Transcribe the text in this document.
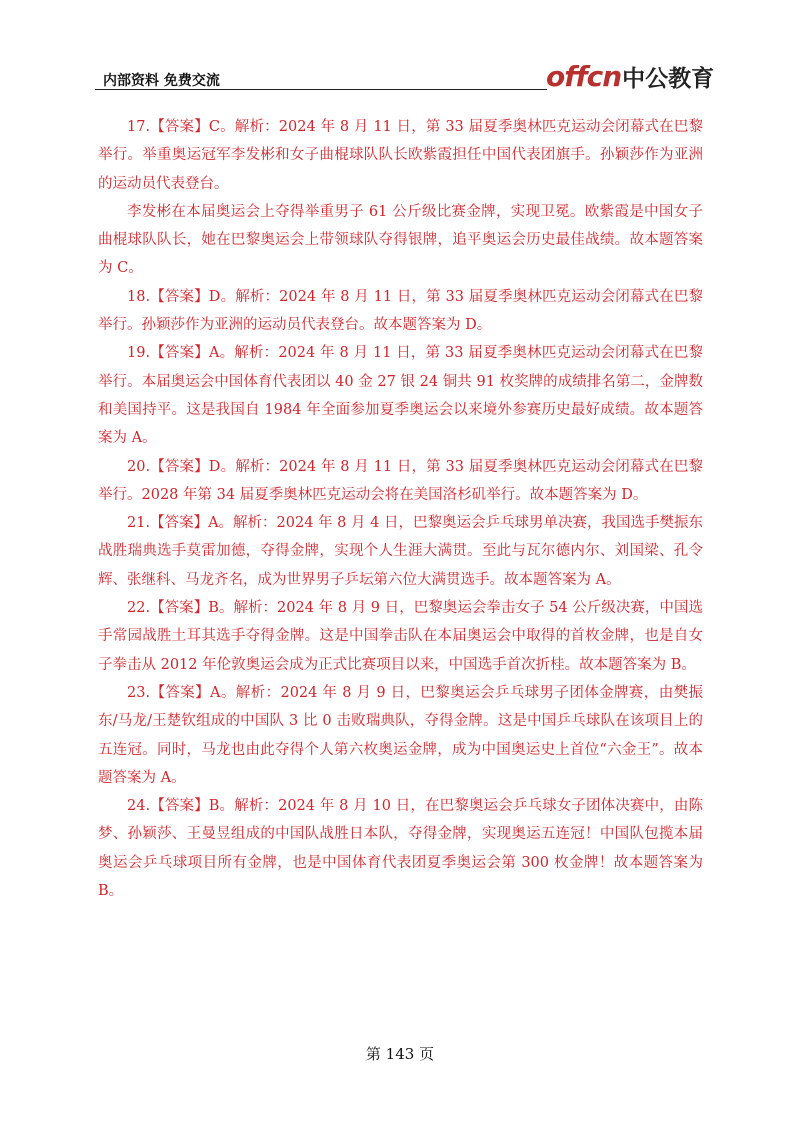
内部资料 免费交流	offcn中公教育

17.【答案】C。解析：2024 年 8 月 11 日，第 33 届夏季奥林匹克运动会闭幕式在巴黎举行。举重奥运冠军李发彬和女子曲棍球队队长欧紫霞担任中国代表团旗手。孙颖莎作为亚洲的运动员代表登台。

李发彬在本届奥运会上夺得举重男子 61 公斤级比赛金牌，实现卫冕。欧紫霞是中国女子曲棍球队队长，她在巴黎奥运会上带领球队夺得银牌，追平奥运会历史最佳战绩。故本题答案为 C。

18.【答案】D。解析：2024 年 8 月 11 日，第 33 届夏季奥林匹克运动会闭幕式在巴黎举行。孙颖莎作为亚洲的运动员代表登台。故本题答案为 D。

19.【答案】A。解析：2024 年 8 月 11 日，第 33 届夏季奥林匹克运动会闭幕式在巴黎举行。本届奥运会中国体育代表团以 40 金 27 银 24 铜共 91 枚奖牌的成绩排名第二，金牌数和美国持平。这是我国自 1984 年全面参加夏季奥运会以来境外参赛历史最好成绩。故本题答案为 A。

20.【答案】D。解析：2024 年 8 月 11 日，第 33 届夏季奥林匹克运动会闭幕式在巴黎举行。2028 年第 34 届夏季奥林匹克运动会将在美国洛杉矶举行。故本题答案为 D。

21.【答案】A。解析：2024 年 8 月 4 日，巴黎奥运会乒乓球男单决赛，我国选手樊振东战胜瑞典选手莫雷加德，夺得金牌，实现个人生涯大满贯。至此与瓦尔德内尔、刘国梁、孔令辉、张继科、马龙齐名，成为世界男子乒坛第六位大满贯选手。故本题答案为 A。

22.【答案】B。解析：2024 年 8 月 9 日，巴黎奥运会拳击女子 54 公斤级决赛，中国选手常园战胜土耳其选手夺得金牌。这是中国拳击队在本届奥运会中取得的首枚金牌，也是自女子拳击从 2012 年伦敦奥运会成为正式比赛项目以来，中国选手首次折桂。故本题答案为 B。

23.【答案】A。解析：2024 年 8 月 9 日，巴黎奥运会乒乓球男子团体金牌赛，由樊振东/马龙/王楚钦组成的中国队 3 比 0 击败瑞典队，夺得金牌。这是中国乒乓球队在该项目上的五连冠。同时，马龙也由此夺得个人第六枚奥运金牌，成为中国奥运史上首位“六金王”。故本题答案为 A。

24.【答案】B。解析：2024 年 8 月 10 日，在巴黎奥运会乒乓球女子团体决赛中，由陈梦、孙颖莎、王曼昱组成的中国队战胜日本队，夺得金牌，实现奥运五连冠！中国队包揽本届奥运会乒乓球项目所有金牌，也是中国体育代表团夏季奥运会第 300 枚金牌！故本题答案为 B。

第 143 页
